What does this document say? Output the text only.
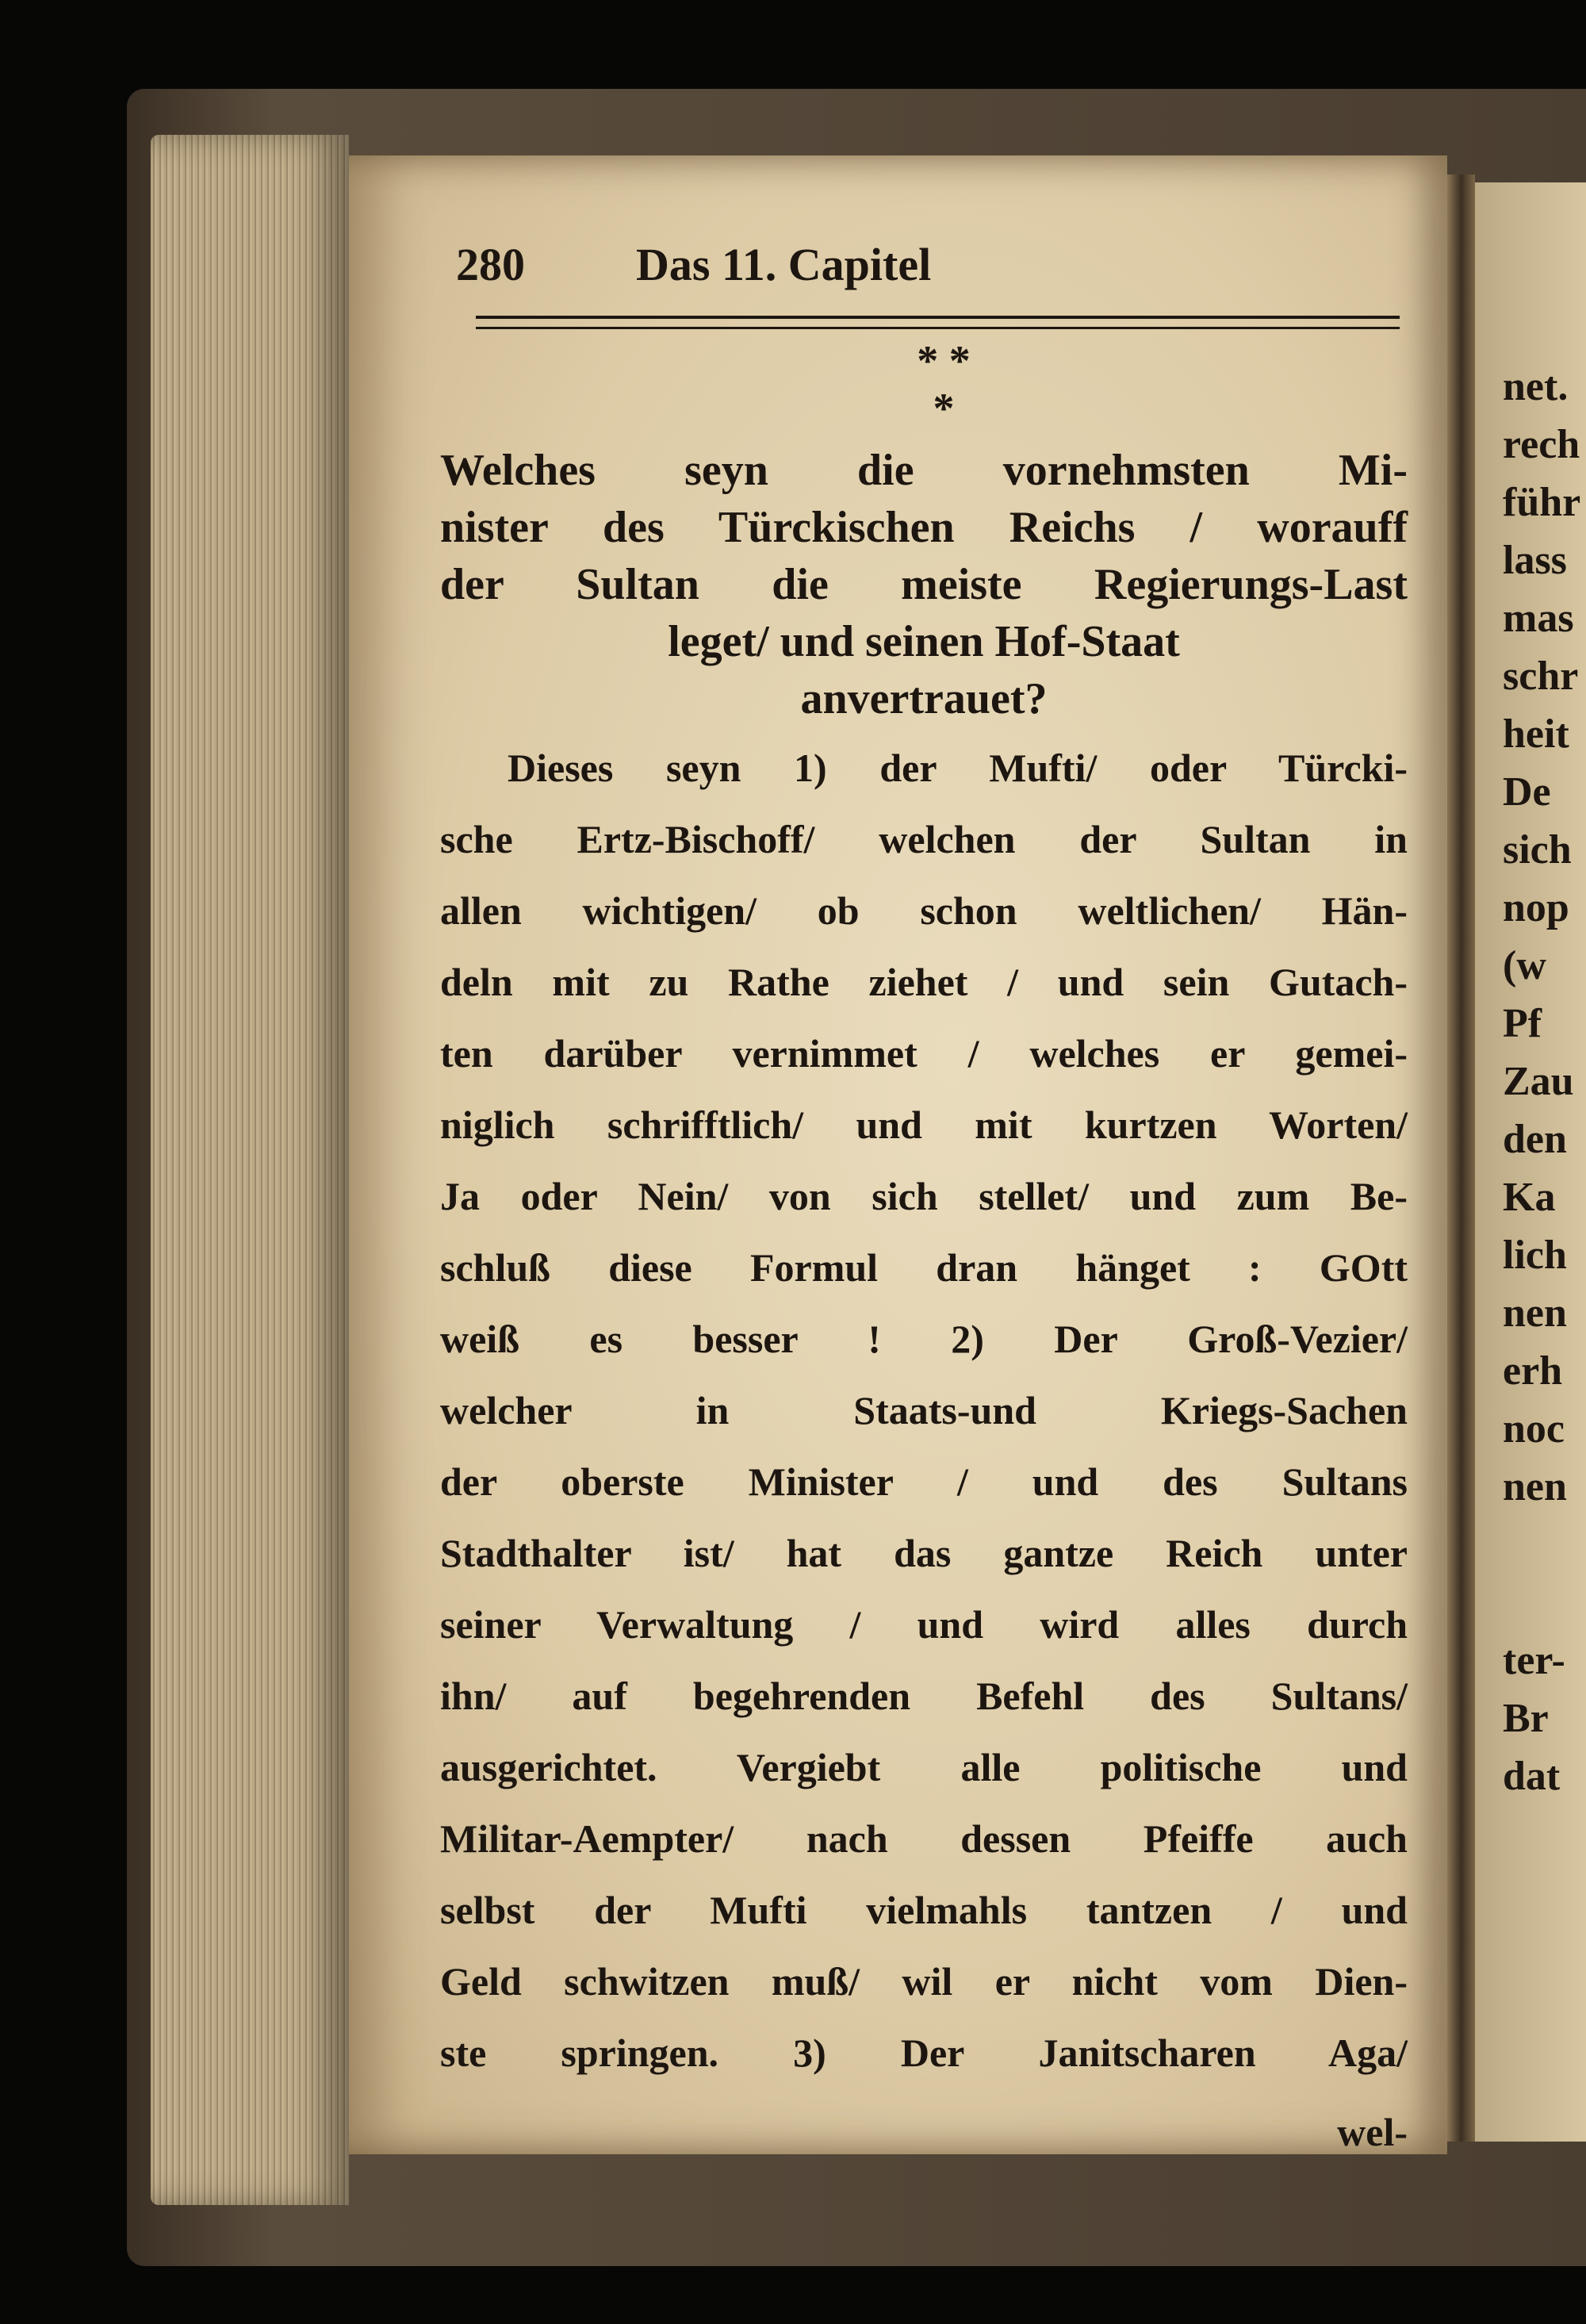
280 Das 11. Capitel
* *
*
Welches seyn die vornehmsten Mi-
nister des Türckischen Reichs / worauff
der Sultan die meiste Regierungs-Last
leget/ und seinen Hof-Staat
anvertrauet?
Dieses seyn 1) der Mufti/ oder Türcki-
sche Ertz-Bischoff/ welchen der Sultan in
allen wichtigen/ ob schon weltlichen/ Hän-
deln mit zu Rathe ziehet / und sein Gutach-
ten darüber vernimmet / welches er gemei-
niglich schrifftlich/ und mit kurtzen Worten/
Ja oder Nein/ von sich stellet/ und zum Be-
schluß diese Formul dran hänget : GOtt
weiß es besser ! 2) Der Groß-Vezier/
welcher in Staats-und Kriegs-Sachen
der oberste Minister / und des Sultans
Stadthalter ist/ hat das gantze Reich unter
seiner Verwaltung / und wird alles durch
ihn/ auf begehrenden Befehl des Sultans/
ausgerichtet. Vergiebt alle politische und
Militar-Aempter/ nach dessen Pfeiffe auch
selbst der Mufti vielmahls tantzen / und
Geld schwitzen muß/ wil er nicht vom Dien-
ste springen. 3) Der Janitscharen Aga/
wel-
net.
rech
führ
lass
mas
schr
heit
De
sich
nop
(w
Pf
Zau
den
Ka
lich
nen
erh
noc
nen
ter-
Br
dat
